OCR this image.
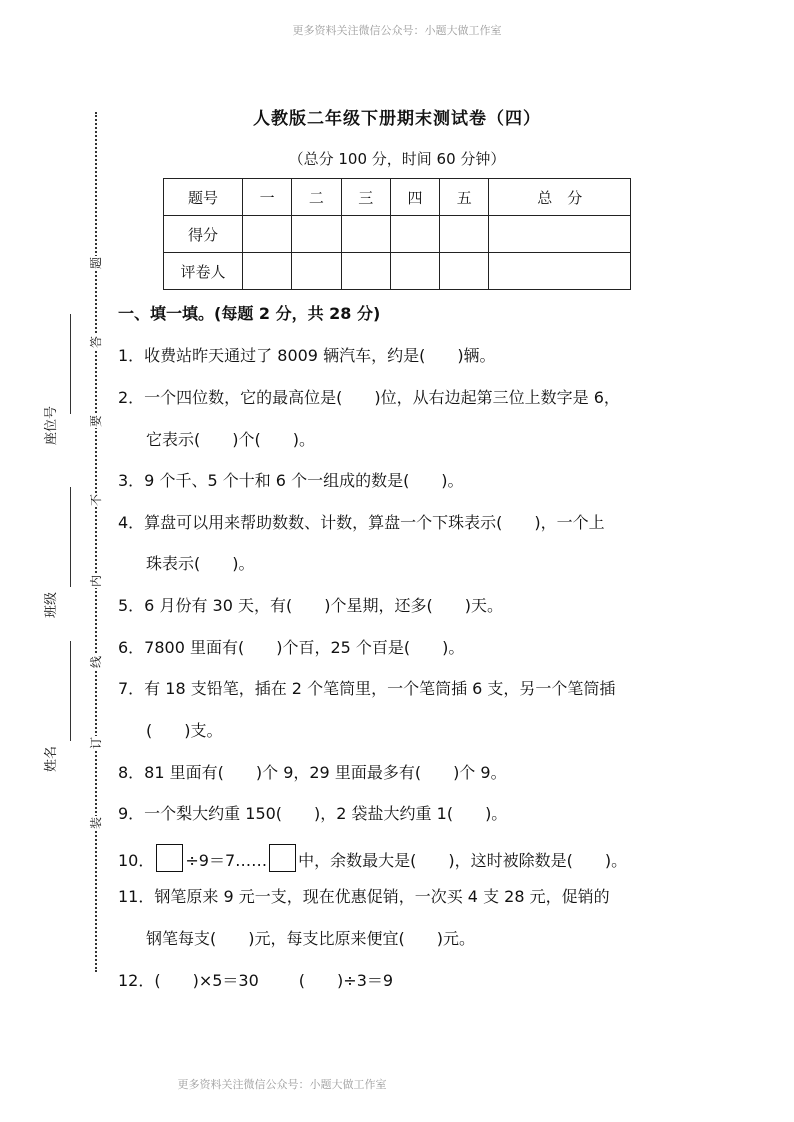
更多资料关注微信公众号：小题大做工作室
题
答
要
不
内
线
订
装
座位号
班级
姓名
人教版二年级下册期末测试卷（四）
（总分 100 分，时间 60 分钟）
题号	一	二	三	四	五	总　分
得分						
评卷人						
一、填一填。(每题 2 分，共 28 分)
1．收费站昨天通过了 8009 辆汽车，约是(　　)辆。
2．一个四位数，它的最高位是(　　)位，从右边起第三位上数字是 6，
它表示(　　)个(　　)。
3．9 个千、5 个十和 6 个一组成的数是(　　)。
4．算盘可以用来帮助数数、计数，算盘一个下珠表示(　　)，一个上
珠表示(　　)。
5．6 月份有 30 天，有(　　)个星期，还多(　　)天。
6．7800 里面有(　　)个百，25 个百是(　　)。
7．有 18 支铅笔，插在 2 个笔筒里，一个笔筒插 6 支，另一个笔筒插
(　　)支。
8．81 里面有(　　)个 9，29 里面最多有(　　)个 9。
9．一个梨大约重 150(　　)，2 袋盐大约重 1(　　)。
10． ÷9＝7…… 中，余数最大是(　　)，这时被除数是(　　)。
11．钢笔原来 9 元一支，现在优惠促销，一次买 4 支 28 元，促销的
钢笔每支(　　)元，每支比原来便宜(　　)元。
12．(　　)×5＝30	(　　)÷3＝9
更多资料关注微信公众号：小题大做工作室
